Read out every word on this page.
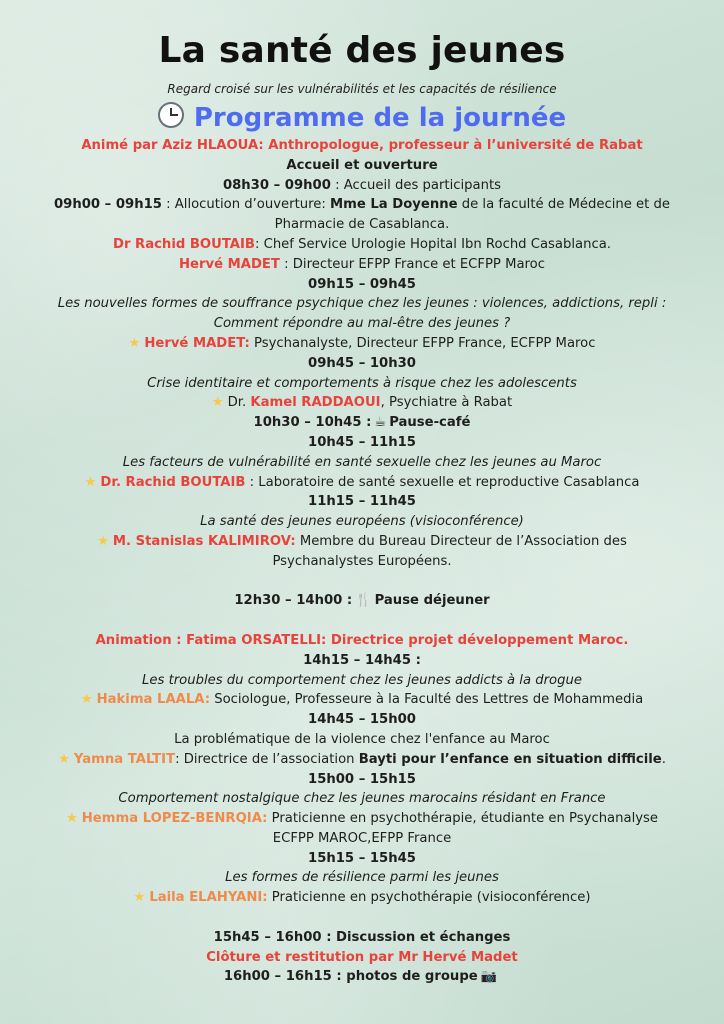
La santé des jeunes
Regard croisé sur les vulnérabilités et les capacités de résilience
Programme de la journée
Animé par Aziz HLAOUA: Anthropologue, professeur à l’université de Rabat
Accueil et ouverture
08h30 – 09h00 : Accueil des participants
09h00 – 09h15 : Allocution d’ouverture: Mme La Doyenne de la faculté de Médecine et de
Pharmacie de Casablanca.
Dr Rachid BOUTAIB: Chef Service Urologie Hopital Ibn Rochd Casablanca.
Hervé MADET : Directeur EFPP France et ECFPP Maroc
09h15 – 09h45
Les nouvelles formes de souffrance psychique chez les jeunes : violences, addictions, repli :
Comment répondre au mal-être des jeunes ?
★ Hervé MADET: Psychanalyste, Directeur EFPP France, ECFPP Maroc
09h45 – 10h30
Crise identitaire et comportements à risque chez les adolescents
★ Dr. Kamel RADDAOUI, Psychiatre à Rabat
10h30 – 10h45 : ☕ Pause-café
10h45 – 11h15
Les facteurs de vulnérabilité en santé sexuelle chez les jeunes au Maroc
★ Dr. Rachid BOUTAIB : Laboratoire de santé sexuelle et reproductive Casablanca
11h15 – 11h45
La santé des jeunes européens (visioconférence)
★ M. Stanislas KALIMIROV: Membre du Bureau Directeur de l’Association des
Psychanalystes Européens.
12h30 – 14h00 : 🍴 Pause déjeuner
Animation : Fatima ORSATELLI: Directrice projet développement Maroc.
14h15 – 14h45 :
Les troubles du comportement chez les jeunes addicts à la drogue
★ Hakima LAALA: Sociologue, Professeure à la Faculté des Lettres de Mohammedia
14h45 – 15h00
La problématique de la violence chez l'enfance au Maroc
★ Yamna TALTIT: Directrice de l’association Bayti pour l’enfance en situation difficile.
15h00 – 15h15
Comportement nostalgique chez les jeunes marocains résidant en France
★ Hemma LOPEZ-BENRQIA: Praticienne en psychothérapie, étudiante en Psychanalyse
ECFPP MAROC,EFPP France
15h15 – 15h45
Les formes de résilience parmi les jeunes
★ Laila ELAHYANI: Praticienne en psychothérapie (visioconférence)
15h45 – 16h00 : Discussion et échanges
Clôture et restitution par Mr Hervé Madet
16h00 – 16h15 : photos de groupe 📷
